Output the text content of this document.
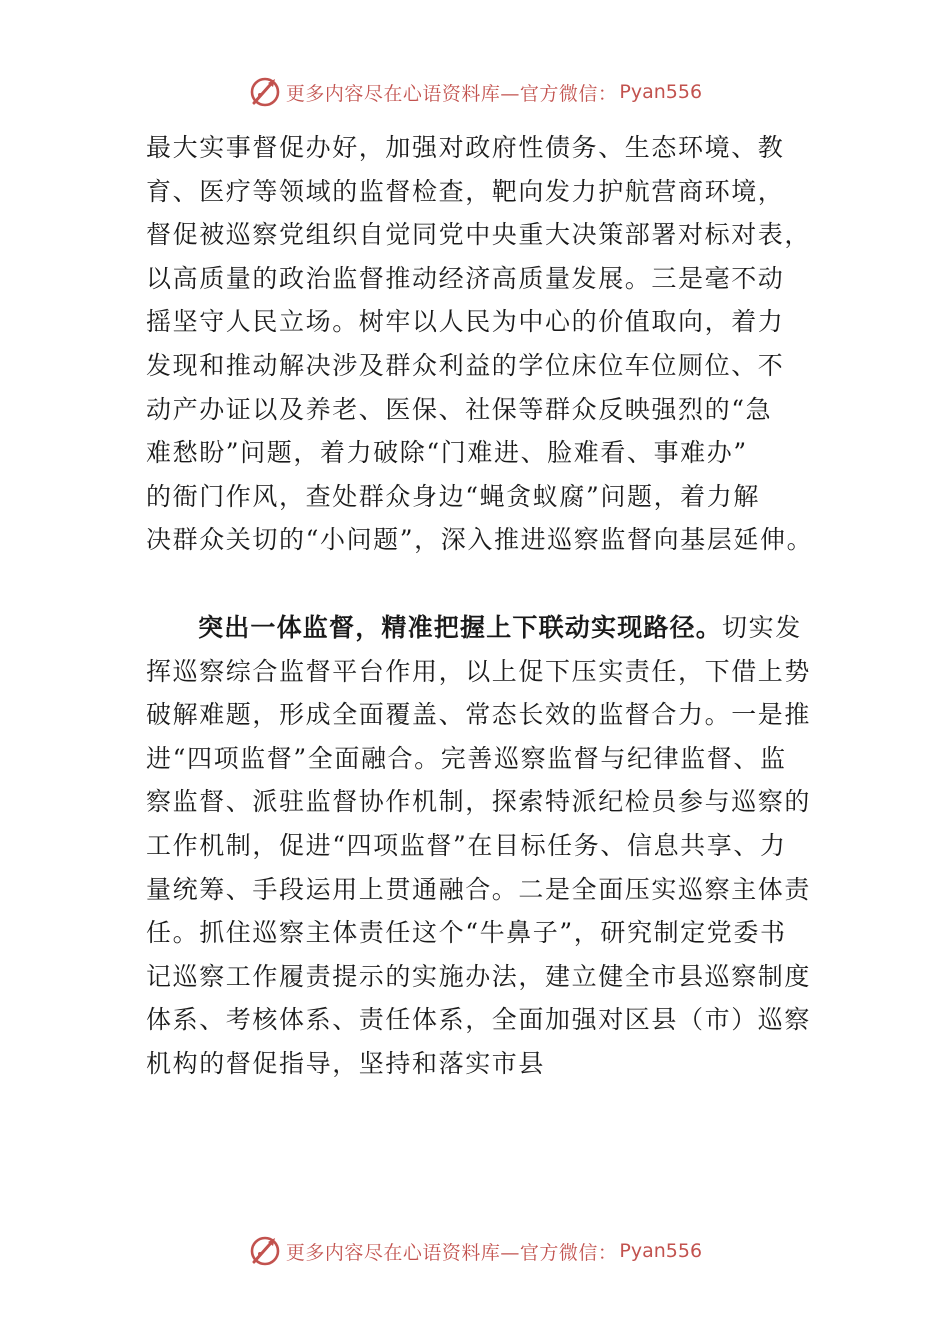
更多内容尽在心语资料库—官方微信： Pyan556
最大实事督促办好，加强对政府性债务、生态环境、教
育、医疗等领域的监督检查，靶向发力护航营商环境，
督促被巡察党组织自觉同党中央重大决策部署对标对表，
以高质量的政治监督推动经济高质量发展。三是毫不动
摇坚守人民立场。树牢以人民为中心的价值取向，着力
发现和推动解决涉及群众利益的学位床位车位厕位、不
动产办证以及养老、医保、社保等群众反映强烈的“急
难愁盼”问题，着力破除“门难进、脸难看、事难办”
的衙门作风，查处群众身边“蝇贪蚁腐”问题，着力解
决群众关切的“小问题”，深入推进巡察监督向基层延伸。
突出一体监督，精准把握上下联动实现路径。切实发
挥巡察综合监督平台作用，以上促下压实责任，下借上势
破解难题，形成全面覆盖、常态长效的监督合力。一是推
进“四项监督”全面融合。完善巡察监督与纪律监督、监
察监督、派驻监督协作机制，探索特派纪检员参与巡察的
工作机制，促进“四项监督”在目标任务、信息共享、力
量统筹、手段运用上贯通融合。二是全面压实巡察主体责
任。抓住巡察主体责任这个“牛鼻子”，研究制定党委书
记巡察工作履责提示的实施办法，建立健全市县巡察制度
体系、考核体系、责任体系，全面加强对区县（市）巡察
机构的督促指导，坚持和落实市县
更多内容尽在心语资料库—官方微信： Pyan556
